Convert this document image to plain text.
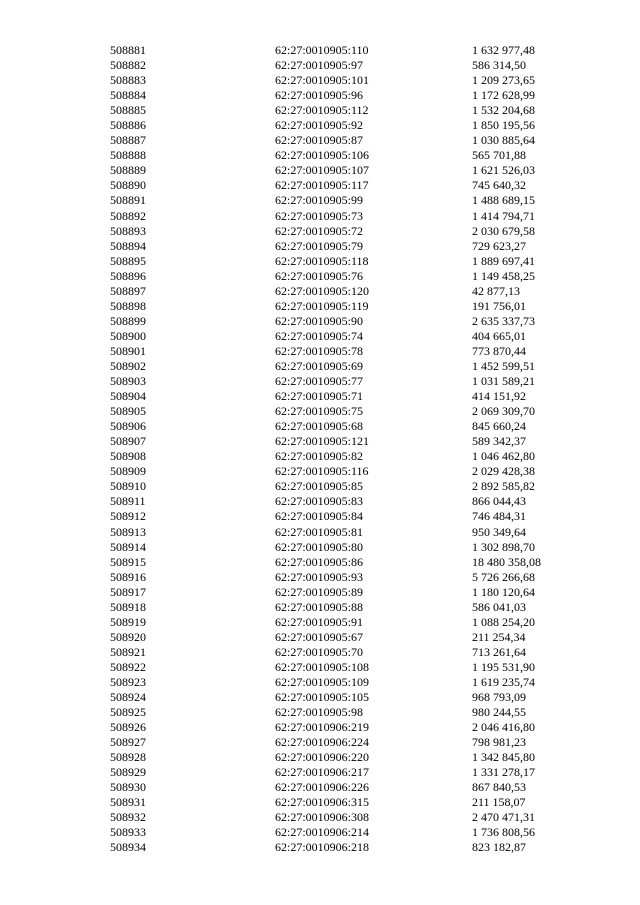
508881	62:27:0010905:110	1 632 977,48
508882	62:27:0010905:97	586 314,50
508883	62:27:0010905:101	1 209 273,65
508884	62:27:0010905:96	1 172 628,99
508885	62:27:0010905:112	1 532 204,68
508886	62:27:0010905:92	1 850 195,56
508887	62:27:0010905:87	1 030 885,64
508888	62:27:0010905:106	565 701,88
508889	62:27:0010905:107	1 621 526,03
508890	62:27:0010905:117	745 640,32
508891	62:27:0010905:99	1 488 689,15
508892	62:27:0010905:73	1 414 794,71
508893	62:27:0010905:72	2 030 679,58
508894	62:27:0010905:79	729 623,27
508895	62:27:0010905:118	1 889 697,41
508896	62:27:0010905:76	1 149 458,25
508897	62:27:0010905:120	42 877,13
508898	62:27:0010905:119	191 756,01
508899	62:27:0010905:90	2 635 337,73
508900	62:27:0010905:74	404 665,01
508901	62:27:0010905:78	773 870,44
508902	62:27:0010905:69	1 452 599,51
508903	62:27:0010905:77	1 031 589,21
508904	62:27:0010905:71	414 151,92
508905	62:27:0010905:75	2 069 309,70
508906	62:27:0010905:68	845 660,24
508907	62:27:0010905:121	589 342,37
508908	62:27:0010905:82	1 046 462,80
508909	62:27:0010905:116	2 029 428,38
508910	62:27:0010905:85	2 892 585,82
508911	62:27:0010905:83	866 044,43
508912	62:27:0010905:84	746 484,31
508913	62:27:0010905:81	950 349,64
508914	62:27:0010905:80	1 302 898,70
508915	62:27:0010905:86	18 480 358,08
508916	62:27:0010905:93	5 726 266,68
508917	62:27:0010905:89	1 180 120,64
508918	62:27:0010905:88	586 041,03
508919	62:27:0010905:91	1 088 254,20
508920	62:27:0010905:67	211 254,34
508921	62:27:0010905:70	713 261,64
508922	62:27:0010905:108	1 195 531,90
508923	62:27:0010905:109	1 619 235,74
508924	62:27:0010905:105	968 793,09
508925	62:27:0010905:98	980 244,55
508926	62:27:0010906:219	2 046 416,80
508927	62:27:0010906:224	798 981,23
508928	62:27:0010906:220	1 342 845,80
508929	62:27:0010906:217	1 331 278,17
508930	62:27:0010906:226	867 840,53
508931	62:27:0010906:315	211 158,07
508932	62:27:0010906:308	2 470 471,31
508933	62:27:0010906:214	1 736 808,56
508934	62:27:0010906:218	823 182,87
